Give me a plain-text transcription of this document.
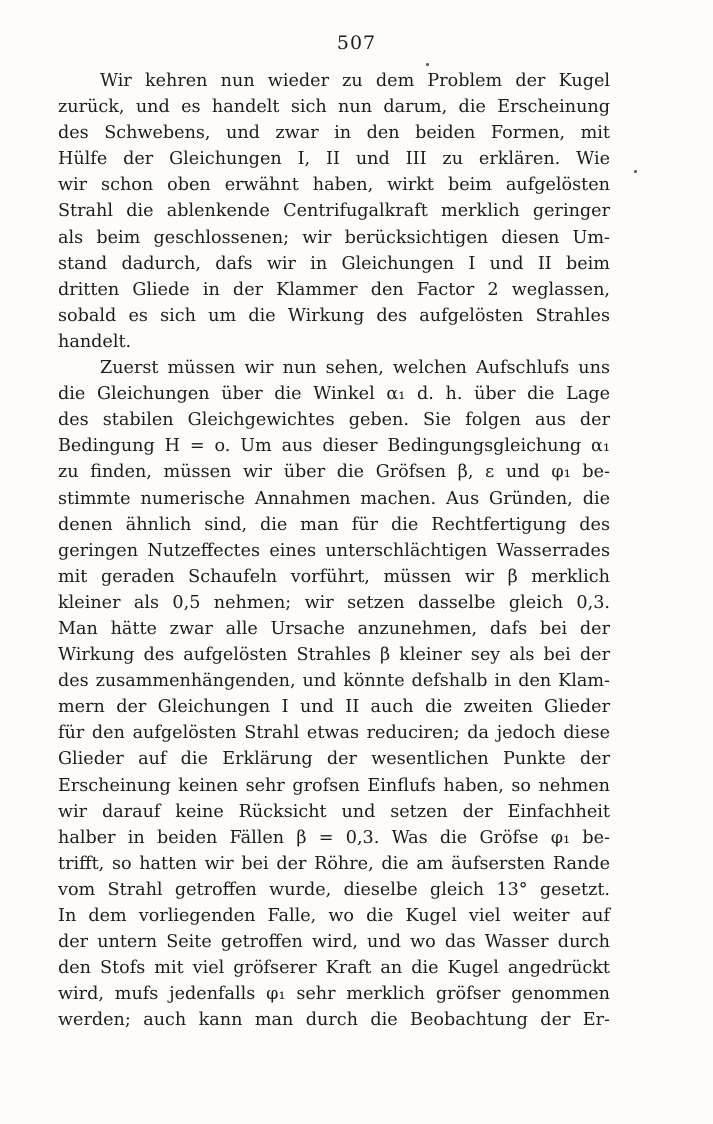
507
Wir kehren nun wieder zu dem Problem der Kugel
zurück, und es handelt sich nun darum, die Erscheinung
des Schwebens, und zwar in den beiden Formen, mit
Hülfe der Gleichungen I, II und III zu erklären. Wie
wir schon oben erwähnt haben, wirkt beim aufgelösten
Strahl die ablenkende Centrifugalkraft merklich geringer
als beim geschlossenen; wir berücksichtigen diesen Um-
stand dadurch, dafs wir in Gleichungen I und II beim
dritten Gliede in der Klammer den Factor 2 weglassen,
sobald es sich um die Wirkung des aufgelösten Strahles
handelt.
Zuerst müssen wir nun sehen, welchen Aufschlufs uns
die Gleichungen über die Winkel α₁ d. h. über die Lage
des stabilen Gleichgewichtes geben. Sie folgen aus der
Bedingung H = o. Um aus dieser Bedingungsgleichung α₁
zu finden, müssen wir über die Gröfsen β, ε und φ₁ be-
stimmte numerische Annahmen machen. Aus Gründen, die
denen ähnlich sind, die man für die Rechtfertigung des
geringen Nutzeffectes eines unterschlächtigen Wasserrades
mit geraden Schaufeln vorführt, müssen wir β merklich
kleiner als 0,5 nehmen; wir setzen dasselbe gleich 0,3.
Man hätte zwar alle Ursache anzunehmen, dafs bei der
Wirkung des aufgelösten Strahles β kleiner sey als bei der
des zusammenhängenden, und könnte defshalb in den Klam-
mern der Gleichungen I und II auch die zweiten Glieder
für den aufgelösten Strahl etwas reduciren; da jedoch diese
Glieder auf die Erklärung der wesentlichen Punkte der
Erscheinung keinen sehr grofsen Einflufs haben, so nehmen
wir darauf keine Rücksicht und setzen der Einfachheit
halber in beiden Fällen β = 0,3. Was die Gröfse φ₁ be-
trifft, so hatten wir bei der Röhre, die am äufsersten Rande
vom Strahl getroffen wurde, dieselbe gleich 13° gesetzt.
In dem vorliegenden Falle, wo die Kugel viel weiter auf
der untern Seite getroffen wird, und wo das Wasser durch
den Stofs mit viel gröfserer Kraft an die Kugel angedrückt
wird, mufs jedenfalls φ₁ sehr merklich gröfser genommen
werden; auch kann man durch die Beobachtung der Er-
